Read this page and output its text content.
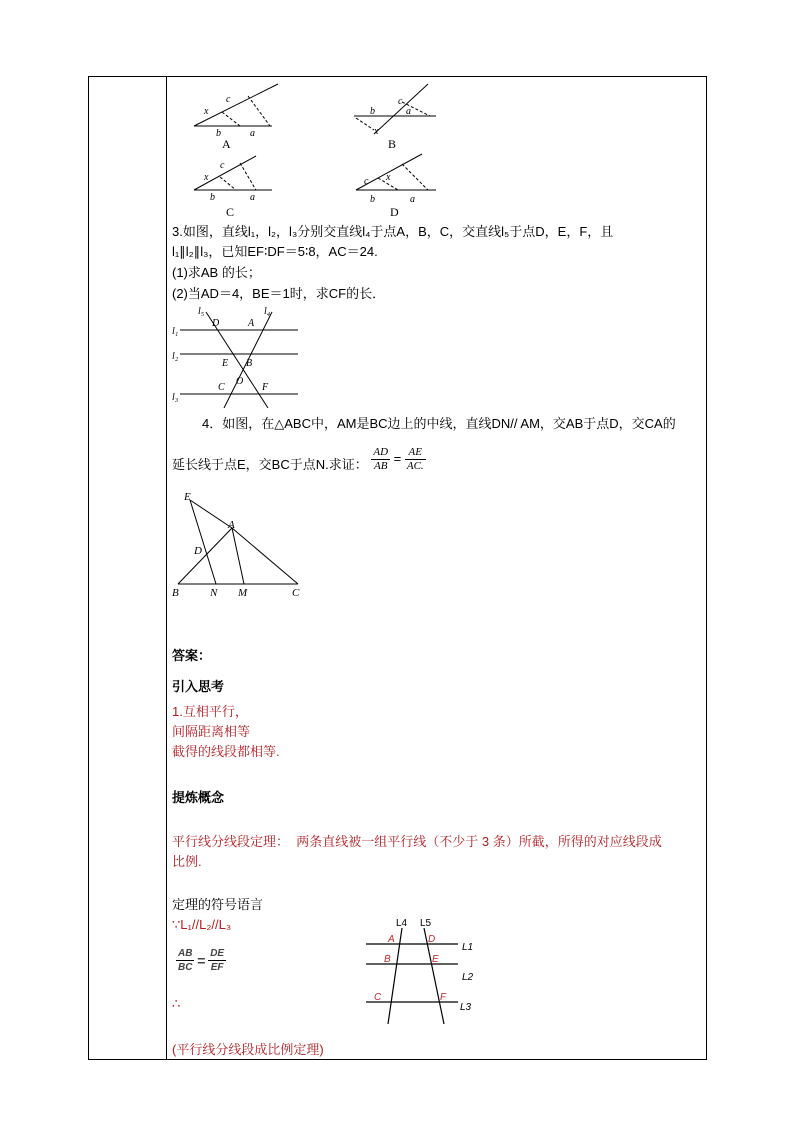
x
c
b	a
b
c
a
x
x
c
b	a
c x
b	a
A	B
C	D
3.如图，直线l₁，l₂，l₃分别交直线l₄于点A，B，C，交直线l₅于点D，E，F，且
l₁∥l₂∥l₃，已知EF∶DF＝5∶8，AC＝24.
(1)求AB 的长；
(2)当AD＝4，BE＝1时，求CF的长．
l₅	l₄
l₁
l₂
l₃
D	A
E B
O
C	F
4．如图，在△ABC中，AM是BC边上的中线，直线DN// AM，交AB于点D，交CA的
延长线于点E，交BC于点N.求证： $\frac{AD}{AB} = \frac{AE}{AC.}$
E
A
D
B	N M	C
答案：
引入思考
1.互相平行，
间隔距离相等
截得的线段都相等.
提炼概念
平行线分线段定理： 两条直线被一组平行线（不少于 3 条）所截，所得的对应线段成
比例.
定理的符号语言
∵L₁//L₂//L₃
$\frac{AB}{BC} = \frac{DE}{EF}$
∴
(平行线分线段成比例定理)
L4 L5
L1
L2
L3
A	D
B	E
C	F
